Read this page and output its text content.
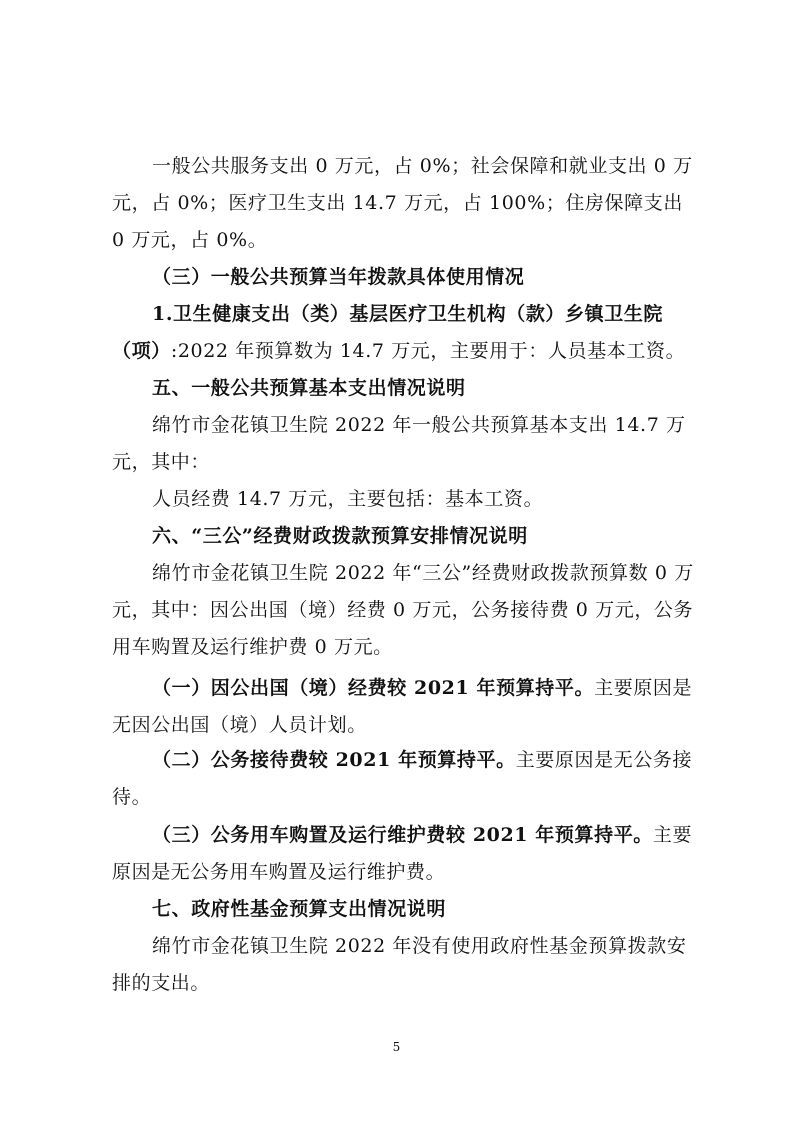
一般公共服务支出 0 万元，占 0%；社会保障和就业支出 0 万元，占 0%；医疗卫生支出 14.7 万元，占 100%；住房保障支出 0 万元，占 0%。
（三）一般公共预算当年拨款具体使用情况
1.卫生健康支出（类）基层医疗卫生机构（款）乡镇卫生院（项）:2022 年预算数为 14.7 万元，主要用于：人员基本工资。
五、一般公共预算基本支出情况说明
绵竹市金花镇卫生院 2022 年一般公共预算基本支出 14.7 万元，其中：
人员经费 14.7 万元，主要包括：基本工资。
六、“三公”经费财政拨款预算安排情况说明
绵竹市金花镇卫生院 2022 年“三公”经费财政拨款预算数 0 万元，其中：因公出国（境）经费 0 万元，公务接待费 0 万元，公务用车购置及运行维护费 0 万元。
（一）因公出国（境）经费较 2021 年预算持平。主要原因是无因公出国（境）人员计划。
（二）公务接待费较 2021 年预算持平。主要原因是无公务接待。
（三）公务用车购置及运行维护费较 2021 年预算持平。主要原因是无公务用车购置及运行维护费。
七、政府性基金预算支出情况说明
绵竹市金花镇卫生院 2022 年没有使用政府性基金预算拨款安排的支出。
5
